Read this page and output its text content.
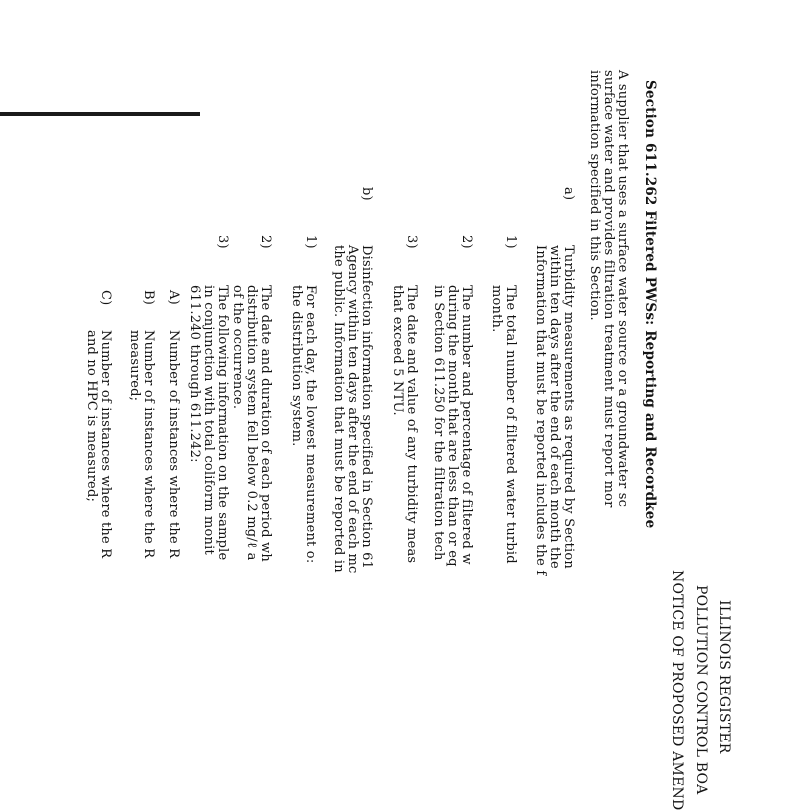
ILLINOIS REGISTER
POLLUTION CONTROL BOA
NOTICE OF PROPOSED AMEND
Section 611.262 Filtered PWSs: Reporting and Recordkee
A supplier that uses a surface water source or a groundwater sc
surface water and provides filtration treatment must report mor
information specified in this Section.
a)
Turbidity measurements as required by Section
within ten days after the end of each month the
Information that must be reported includes the f
1)
The total number of filtered water turbid
month.
2)
The number and percentage of filtered w
during the month that are less than or eq
in Section 611.250 for the filtration tech
3)
The date and value of any turbidity meas
that exceed 5 NTU.
b)
Disinfection information specified in Section 61
Agency within ten days after the end of each mc
the public. Information that must be reported in
1)
For each day, the lowest measurement o:
the distribution system.
2)
The date and duration of each period wh
distribution system fell below 0.2 mg/ℓ a
of the occurrence.
3)
The following information on the sample
in conjunction with total coliform monit
611.240 through 611.242:
A)
Number of instances where the R
B)
Number of instances where the R
measured;
C)
Number of instances where the R
and no HPC is measured;
